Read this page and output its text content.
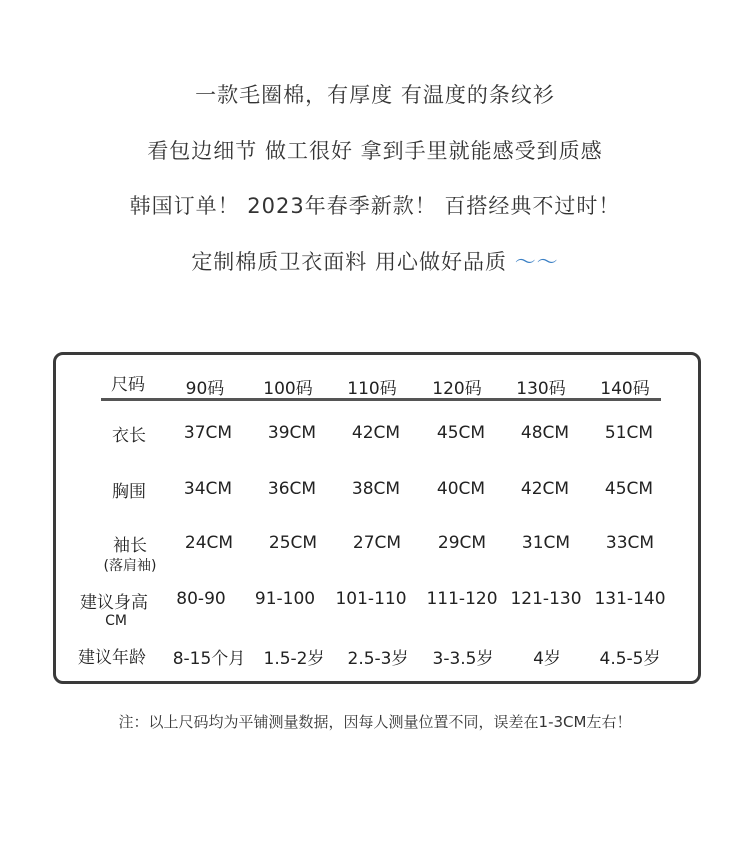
一款毛圈棉，有厚度 有温度的条纹衫
看包边细节 做工很好 拿到手里就能感受到质感
韩国订单！ 2023年春季新款！ 百搭经典不过时！
定制棉质卫衣面料 用心做好品质 ～～
尺码 90码 100码 110码 120码 130码 140码
衣长 37CM 39CM 42CM 45CM 48CM 51CM
胸围 34CM 36CM 38CM 40CM 42CM 45CM
袖长
(落肩袖)
24CM 25CM 27CM 29CM 31CM 33CM
建议身高
CM
80-90 91-100 101-110 111-120 121-130 131-140
建议年龄 8-15个月 1.5-2岁 2.5-3岁 3-3.5岁 4岁 4.5-5岁
注：以上尺码均为平铺测量数据，因每人测量位置不同，误差在1-3CM左右！
